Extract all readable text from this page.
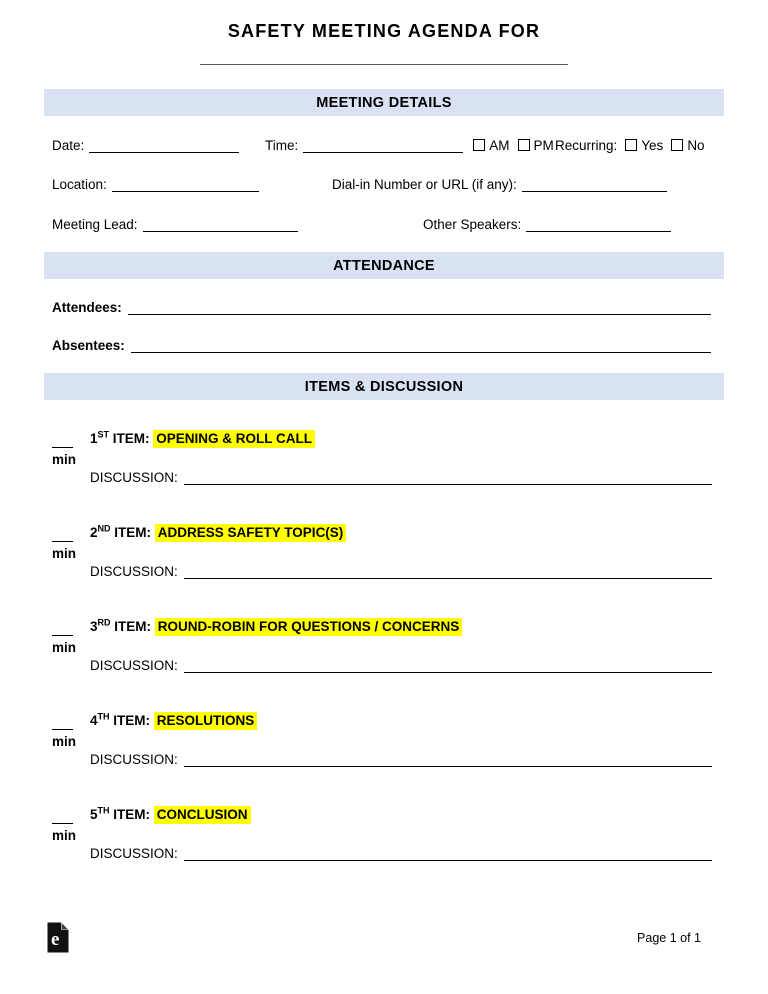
SAFETY MEETING AGENDA FOR
MEETING DETAILS
Date:	Time:	AM PM Recurring: Yes No
Location:	Dial-in Number or URL (if any):
Meeting Lead:	Other Speakers:
ATTENDANCE
Attendees:
Absentees:
ITEMS & DISCUSSION
min
1ST ITEM: OPENING & ROLL CALL
DISCUSSION:
min
2ND ITEM: ADDRESS SAFETY TOPIC(S)
DISCUSSION:
min
3RD ITEM: ROUND-ROBIN FOR QUESTIONS / CONCERNS
DISCUSSION:
min
4TH ITEM: RESOLUTIONS
DISCUSSION:
min
5TH ITEM: CONCLUSION
DISCUSSION:
e	Page 1 of 1
